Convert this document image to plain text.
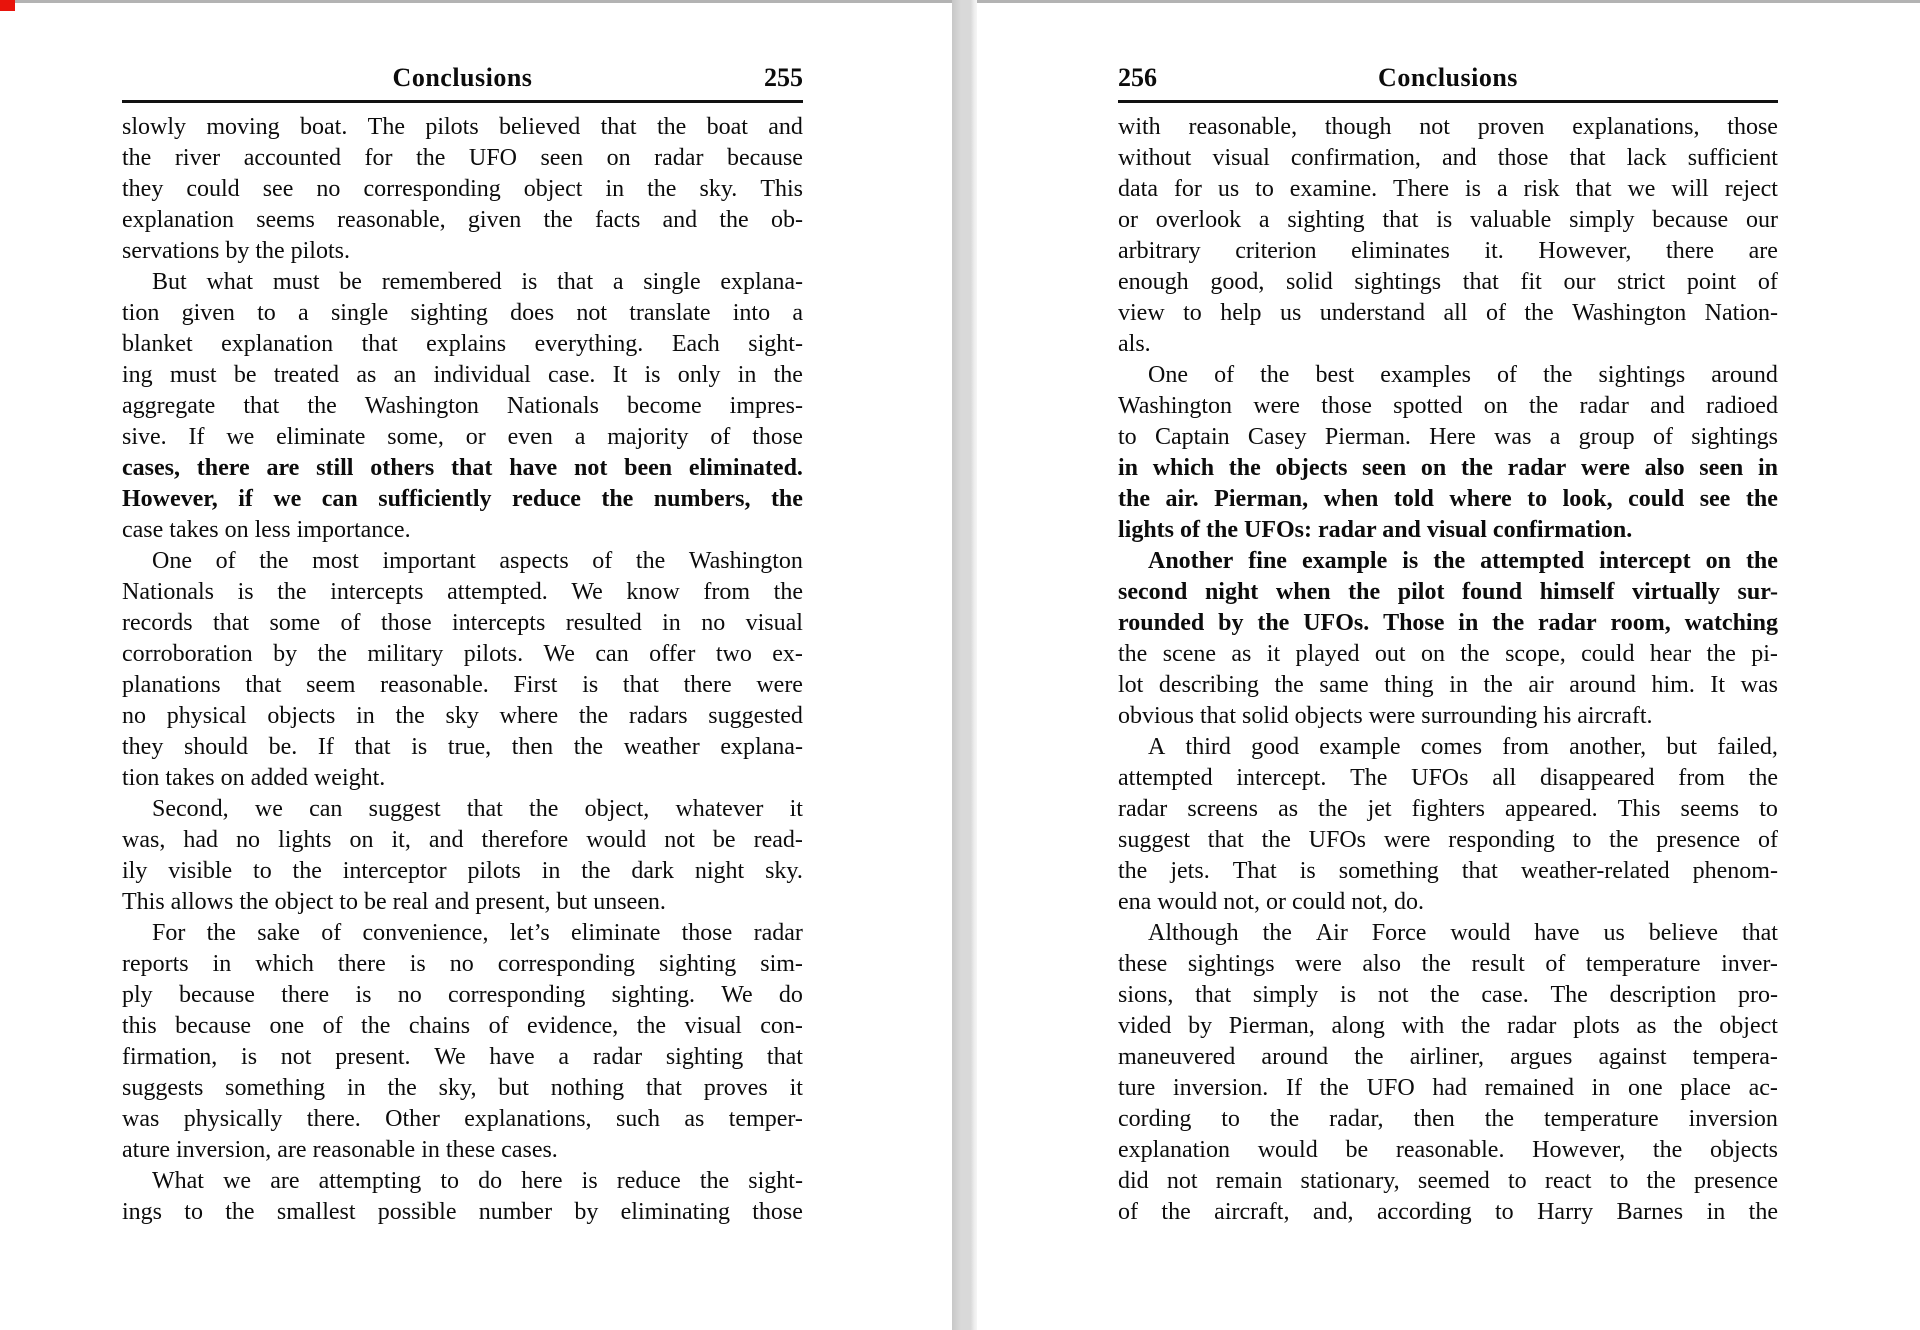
Conclusions	255
slowly moving boat. The pilots believed that the boat and
the river accounted for the UFO seen on radar because
they could see no corresponding object in the sky. This
explanation seems reasonable, given the facts and the ob-
servations by the pilots.
But what must be remembered is that a single explana-
tion given to a single sighting does not translate into a
blanket explanation that explains everything. Each sight-
ing must be treated as an individual case. It is only in the
aggregate that the Washington Nationals become impres-
sive. If we eliminate some, or even a majority of those
cases, there are still others that have not been eliminated.
However, if we can sufficiently reduce the numbers, the
case takes on less importance.
One of the most important aspects of the Washington
Nationals is the intercepts attempted. We know from the
records that some of those intercepts resulted in no visual
corroboration by the military pilots. We can offer two ex-
planations that seem reasonable. First is that there were
no physical objects in the sky where the radars suggested
they should be. If that is true, then the weather explana-
tion takes on added weight.
Second, we can suggest that the object, whatever it
was, had no lights on it, and therefore would not be read-
ily visible to the interceptor pilots in the dark night sky.
This allows the object to be real and present, but unseen.
For the sake of convenience, let’s eliminate those radar
reports in which there is no corresponding sighting sim-
ply because there is no corresponding sighting. We do
this because one of the chains of evidence, the visual con-
firmation, is not present. We have a radar sighting that
suggests something in the sky, but nothing that proves it
was physically there. Other explanations, such as temper-
ature inversion, are reasonable in these cases.
What we are attempting to do here is reduce the sight-
ings to the smallest possible number by eliminating those
256	Conclusions
with reasonable, though not proven explanations, those
without visual confirmation, and those that lack sufficient
data for us to examine. There is a risk that we will reject
or overlook a sighting that is valuable simply because our
arbitrary criterion eliminates it. However, there are
enough good, solid sightings that fit our strict point of
view to help us understand all of the Washington Nation-
als.
One of the best examples of the sightings around
Washington were those spotted on the radar and radioed
to Captain Casey Pierman. Here was a group of sightings
in which the objects seen on the radar were also seen in
the air. Pierman, when told where to look, could see the
lights of the UFOs: radar and visual confirmation.
Another fine example is the attempted intercept on the
second night when the pilot found himself virtually sur-
rounded by the UFOs. Those in the radar room, watching
the scene as it played out on the scope, could hear the pi-
lot describing the same thing in the air around him. It was
obvious that solid objects were surrounding his aircraft.
A third good example comes from another, but failed,
attempted intercept. The UFOs all disappeared from the
radar screens as the jet fighters appeared. This seems to
suggest that the UFOs were responding to the presence of
the jets. That is something that weather-related phenom-
ena would not, or could not, do.
Although the Air Force would have us believe that
these sightings were also the result of temperature inver-
sions, that simply is not the case. The description pro-
vided by Pierman, along with the radar plots as the object
maneuvered around the airliner, argues against tempera-
ture inversion. If the UFO had remained in one place ac-
cording to the radar, then the temperature inversion
explanation would be reasonable. However, the objects
did not remain stationary, seemed to react to the presence
of the aircraft, and, according to Harry Barnes in the
